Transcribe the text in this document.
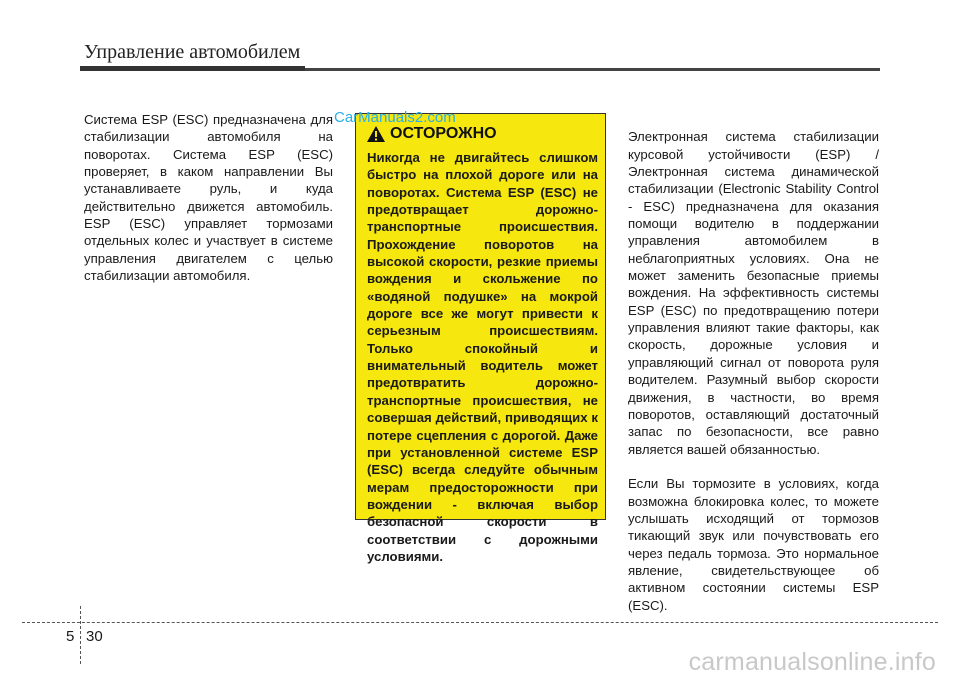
Управление автомобилем
Система ESP (ESC) предназначена для стабилизации автомобиля на поворотах. Система ESP (ESC) проверяет, в каком направлении Вы устанавливаете руль, и куда действительно движется автомобиль. ESP (ESC) управляет тормозами отдельных колес и участвует в системе управления двигателем с целью стабилизации автомобиля.
ОСТОРОЖНО
Никогда не двигайтесь слишком быстро на плохой дороге или на поворотах. Система ESP (ESC) не предотвращает дорожно-транспортные происшествия. Прохождение поворотов на высокой скорости, резкие приемы вождения и скольжение по «водяной подушке» на мокрой дороге все же могут привести к серьезным происшествиям. Только спокойный и внимательный водитель может предотвратить дорожно-транспортные происшествия, не совершая действий, приводящих к потере сцепления с дорогой. Даже при установленной системе ESP (ESC) всегда следуйте обычным мерам предосторожности при вождении - включая выбор безопасной скорости в соответствии с дорожными условиями.
CarManuals2.com

Электронная система стабилизации курсовой устойчивости (ESP) / Электронная система динамической стабилизации (Electronic Stability Control - ESC) предназначена для оказания помощи водителю в поддержании управления автомобилем в неблагоприятных условиях. Она не может заменить безопасные приемы вождения. На эффективность системы ESP (ESC) по предотвращению потери управления влияют такие факторы, как скорость, дорожные условия и управляющий сигнал от поворота руля водителем. Разумный выбор скорости движения, в частности, во время поворотов, оставляющий достаточный запас по безопасности, все равно является вашей обязанностью.

Если Вы тормозите в условиях, когда возможна блокировка колес, то можете услышать исходящий от тормозов тикающий звук или почувствовать его через педаль тормоза. Это нормальное явление, свидетельствующее об активном состоянии системы ESP (ESC).

5 30
carmanualsonline.info
